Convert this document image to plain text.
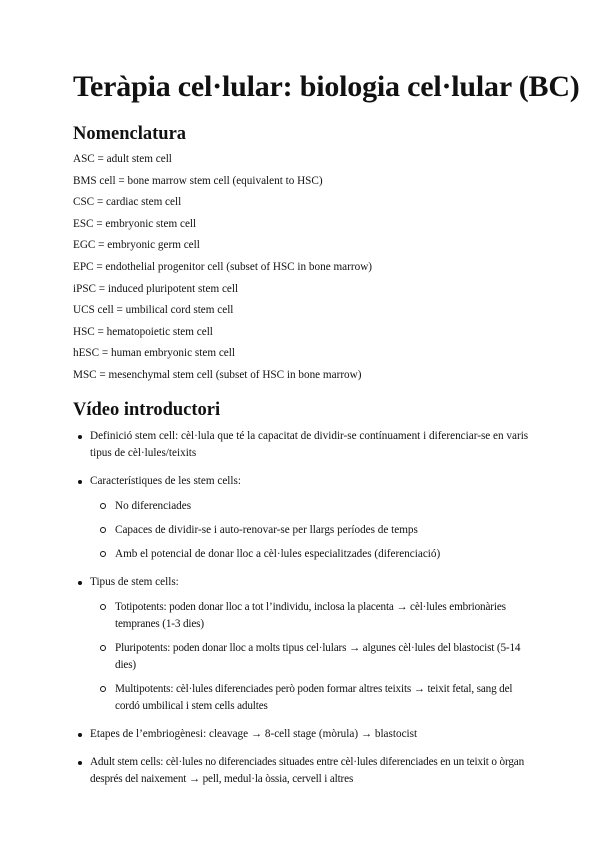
Teràpia cel·lular: biologia cel·lular (BC)
Nomenclatura
ASC = adult stem cell
BMS cell = bone marrow stem cell (equivalent to HSC)
CSC = cardiac stem cell
ESC = embryonic stem cell
EGC = embryonic germ cell
EPC = endothelial progenitor cell (subset of HSC in bone marrow)
iPSC = induced pluripotent stem cell
UCS cell = umbilical cord stem cell
HSC = hematopoietic stem cell
hESC = human embryonic stem cell
MSC = mesenchymal stem cell (subset of HSC in bone marrow)
Vídeo introductori
Definició stem cell: cèl·lula que té la capacitat de dividir-se contínuament i diferenciar-se en varis tipus de cèl·lules/teixits
Característiques de les stem cells:
No diferenciades
Capaces de dividir-se i auto-renovar-se per llargs períodes de temps
Amb el potencial de donar lloc a cèl·lules especialitzades (diferenciació)
Tipus de stem cells:
Totipotents: poden donar lloc a tot l’individu, inclosa la placenta → cèl·lules embrionàries tempranes (1-3 dies)
Pluripotents: poden donar lloc a molts tipus cel·lulars → algunes cèl·lules del blastocist (5-14 dies)
Multipotents: cèl·lules diferenciades però poden formar altres teixits → teixit fetal, sang del cordó umbilical i stem cells adultes
Etapes de l’embriogènesi: cleavage → 8-cell stage (mòrula) → blastocist
Adult stem cells: cèl·lules no diferenciades situades entre cèl·lules diferenciades en un teixit o òrgan després del naixement → pell, medul·la òssia, cervell i altres
